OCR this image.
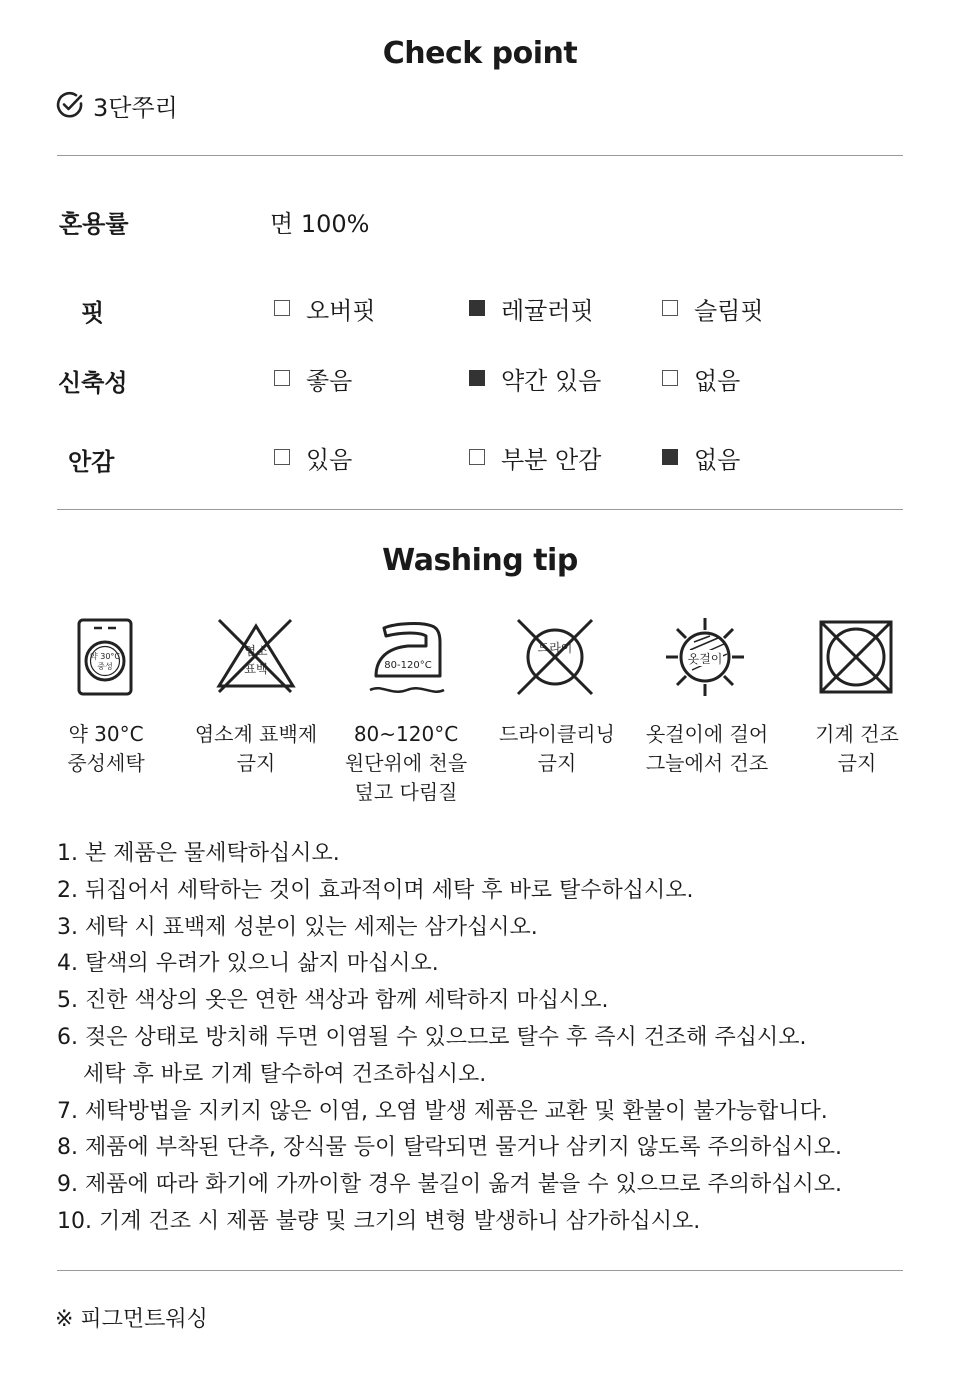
Check point
3단쭈리
혼용률	면 100%
핏	오버핏	레귤러핏	슬림핏
신축성	좋음	약간 있음	없음
안감	있음	부분 안감	없음
Washing tip
약 30°C
중성
염소
표백	80-120°C
드라이
옷걸이
약 30°C
중성세탁
염소계 표백제
금지
80~120°C
원단위에 천을
덮고 다림질
드라이클리닝
금지
옷걸이에 걸어
그늘에서 건조
기계 건조
금지
1. 본 제품은 물세탁하십시오.
2. 뒤집어서 세탁하는 것이 효과적이며 세탁 후 바로 탈수하십시오.
3. 세탁 시 표백제 성분이 있는 세제는 삼가십시오.
4. 탈색의 우려가 있으니 삶지 마십시오.
5. 진한 색상의 옷은 연한 색상과 함께 세탁하지 마십시오.
6. 젖은 상태로 방치해 두면 이염될 수 있으므로 탈수 후 즉시 건조해 주십시오.
세탁 후 바로 기계 탈수하여 건조하십시오.
7. 세탁방법을 지키지 않은 이염, 오염 발생 제품은 교환 및 환불이 불가능합니다.
8. 제품에 부착된 단추, 장식물 등이 탈락되면 물거나 삼키지 않도록 주의하십시오.
9. 제품에 따라 화기에 가까이할 경우 불길이 옮겨 붙을 수 있으므로 주의하십시오.
10. 기계 건조 시 제품 불량 및 크기의 변형 발생하니 삼가하십시오.
※ 피그먼트워싱
